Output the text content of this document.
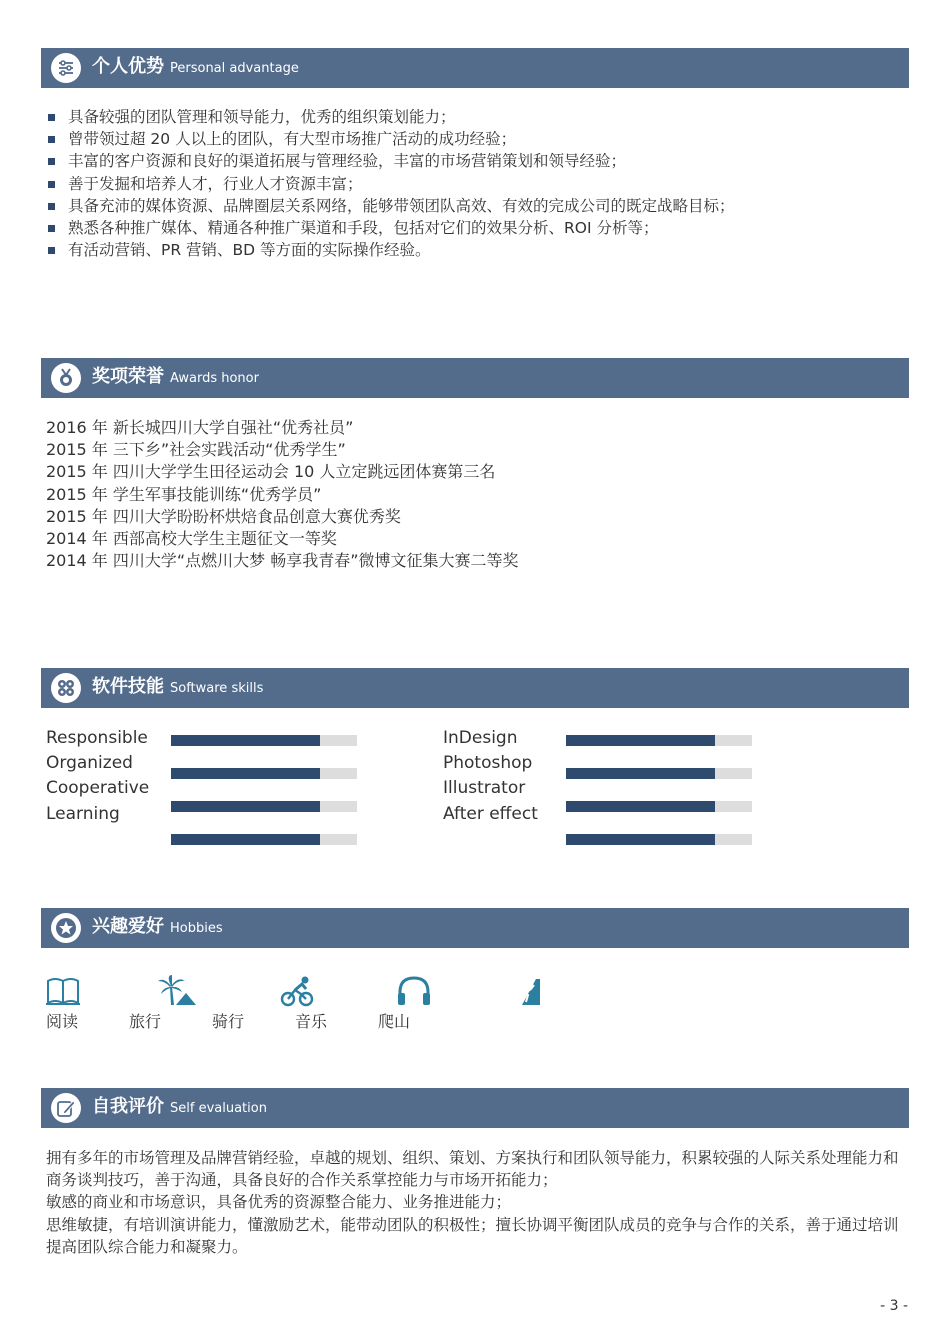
个人优势 Personal advantage
具备较强的团队管理和领导能力，优秀的组织策划能力；
曾带领过超 20 人以上的团队，有大型市场推广活动的成功经验；
丰富的客户资源和良好的渠道拓展与管理经验，丰富的市场营销策划和领导经验；
善于发掘和培养人才，行业人才资源丰富；
具备充沛的媒体资源、品牌圈层关系网络，能够带领团队高效、有效的完成公司的既定战略目标；
熟悉各种推广媒体、精通各种推广渠道和手段，包括对它们的效果分析、ROI 分析等；
有活动营销、PR 营销、BD 等方面的实际操作经验。
奖项荣誉 Awards honor
2016 年 新长城四川大学自强社“优秀社员”
2015 年 三下乡”社会实践活动“优秀学生”
2015 年 四川大学学生田径运动会 10 人立定跳远团体赛第三名
2015 年 学生军事技能训练“优秀学员”
2015 年 四川大学盼盼杯烘焙食品创意大赛优秀奖
2014 年 西部高校大学生主题征文一等奖
2014 年 四川大学“点燃川大梦 畅享我青春”微博文征集大赛二等奖
软件技能 Software skills
Responsible
Organized
Cooperative
Learning
InDesign
Photoshop
Illustrator
After effect
兴趣爱好 Hobbies
阅读	旅行	骑行	音乐	爬山
自我评价 Self evaluation

拥有多年的市场管理及品牌营销经验，卓越的规划、组织、策划、方案执行和团队领导能力，积累较强的人际关系处理能力和商务谈判技巧，善于沟通，具备良好的合作关系掌控能力与市场开拓能力；

敏感的商业和市场意识，具备优秀的资源整合能力、业务推进能力；

思维敏捷，有培训演讲能力，懂激励艺术，能带动团队的积极性；擅长协调平衡团队成员的竞争与合作的关系，善于通过培训提高团队综合能力和凝聚力。

- 3 -
